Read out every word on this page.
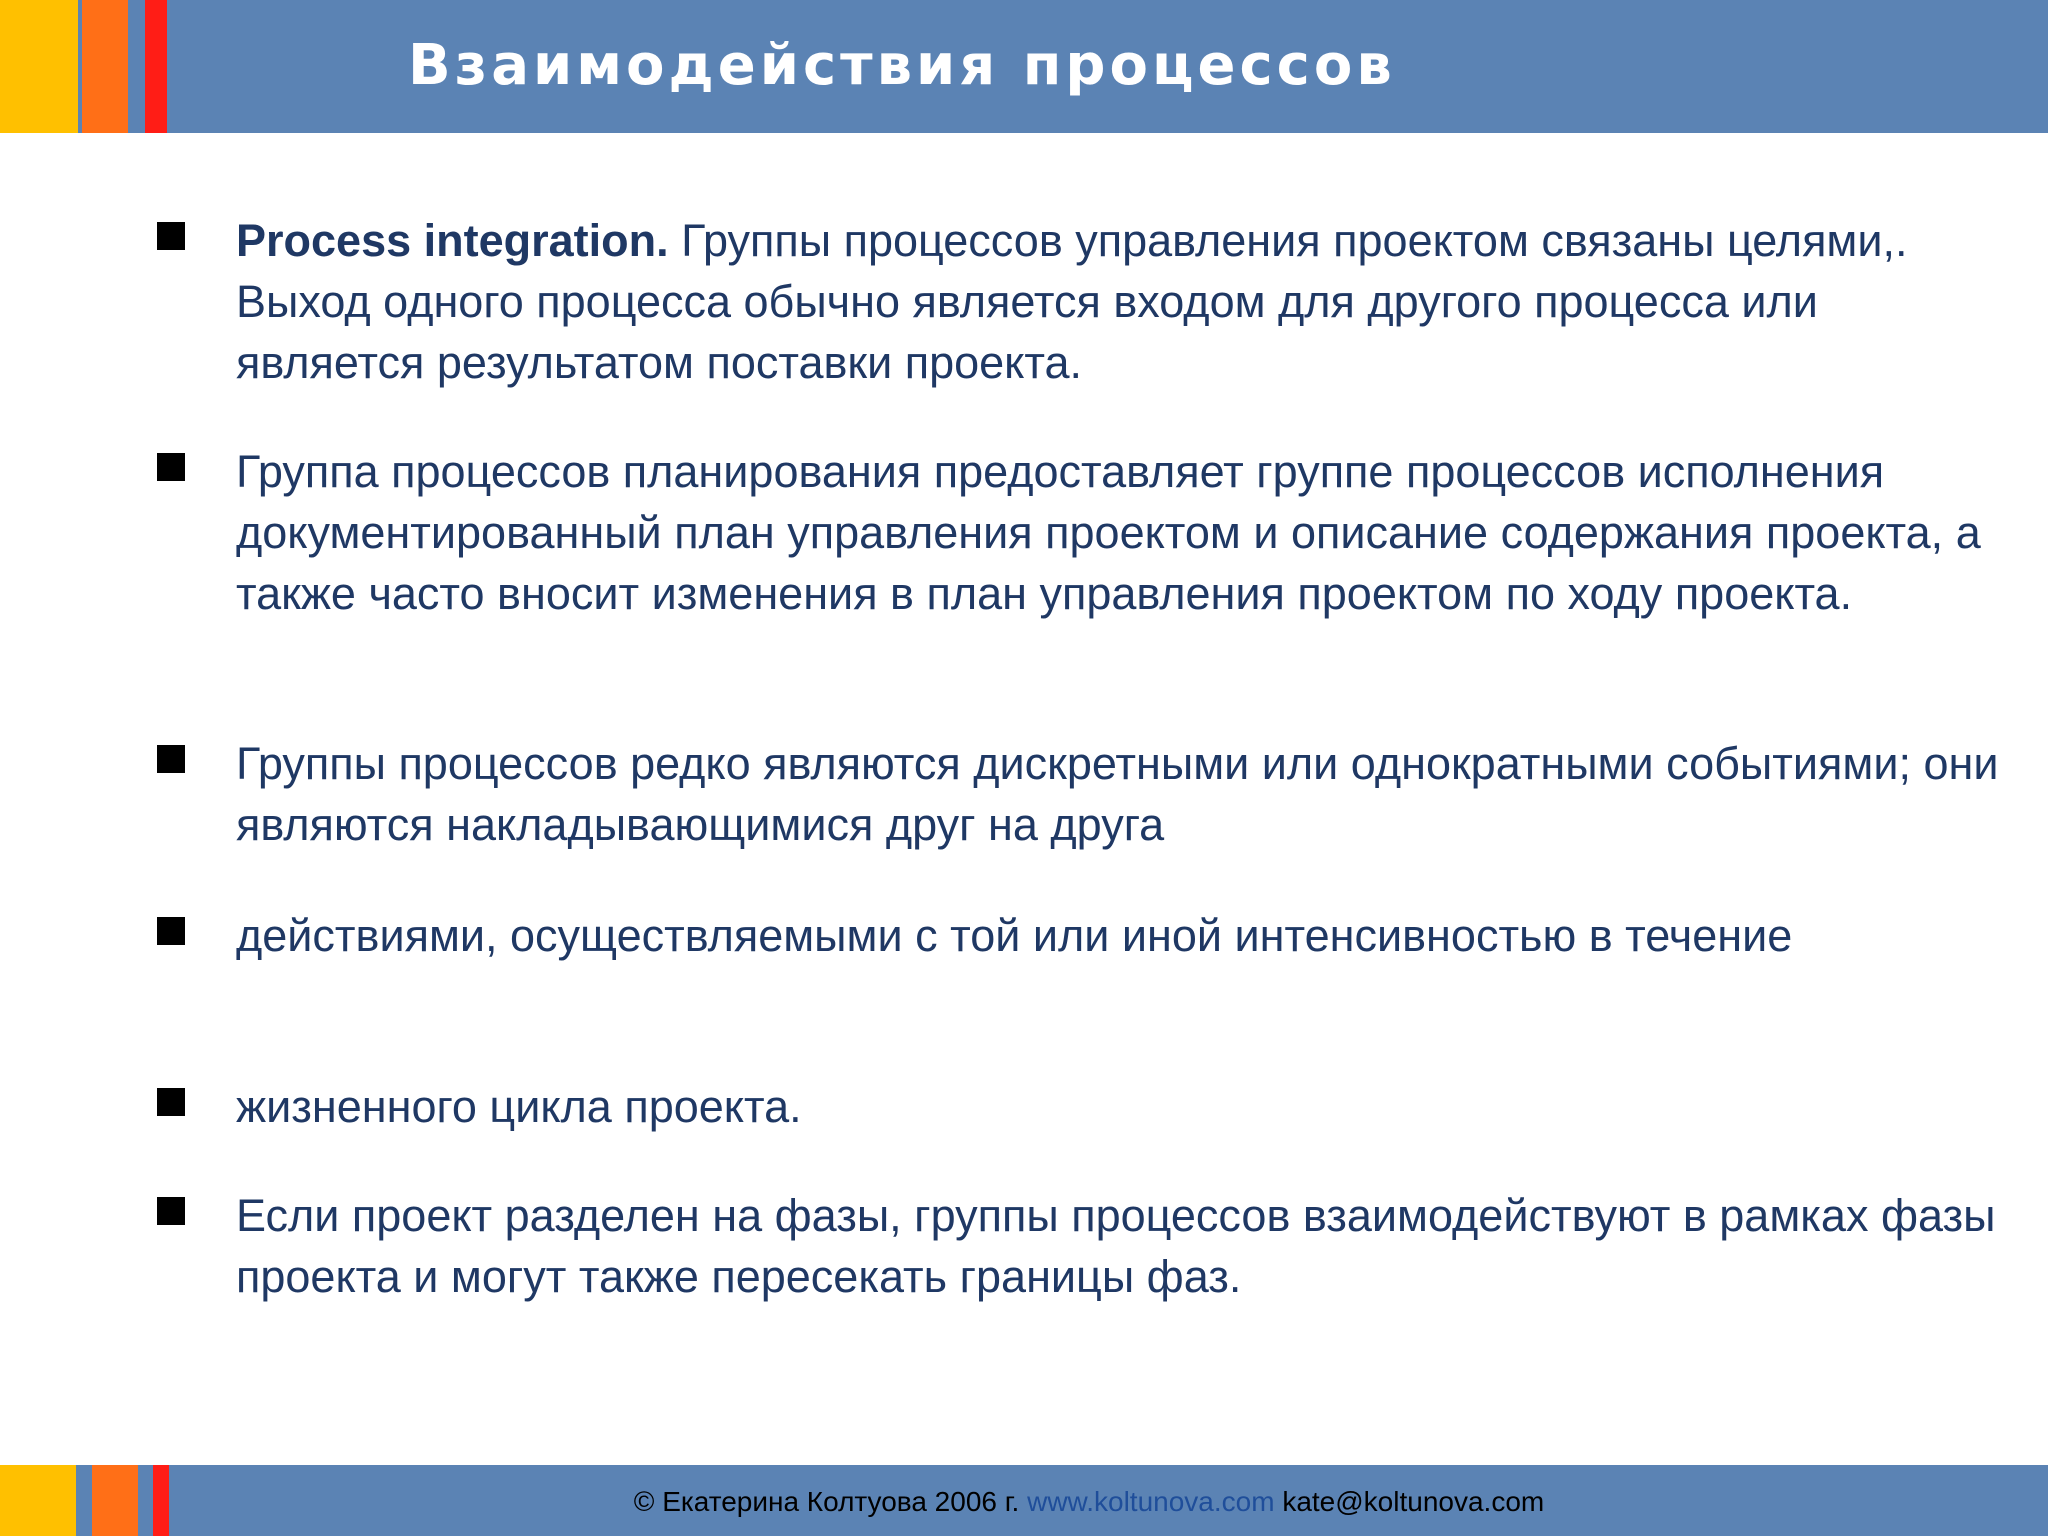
Взаимодействия процессов

Process integration. Группы процессов управления проектом связаны целями,. Выход одного процесса обычно является входом для другого процесса или является результатом поставки проекта.

Группа процессов планирования предоставляет группе процессов исполнения документированный план управления проектом и описание содержания проекта, а также часто вносит изменения в план управления проектом по ходу проекта.

Группы процессов редко являются дискретными или однократными событиями; они являются накладывающимися друг на друга

действиями, осуществляемыми с той или иной интенсивностью в течение

жизненного цикла проекта.

Если проект разделен на фазы, группы процессов взаимодействуют в рамках фазы проекта и могут также пересекать границы фаз.

© Екатерина Колтуова 2006 г. www.koltunova.com kate@koltunova.com
